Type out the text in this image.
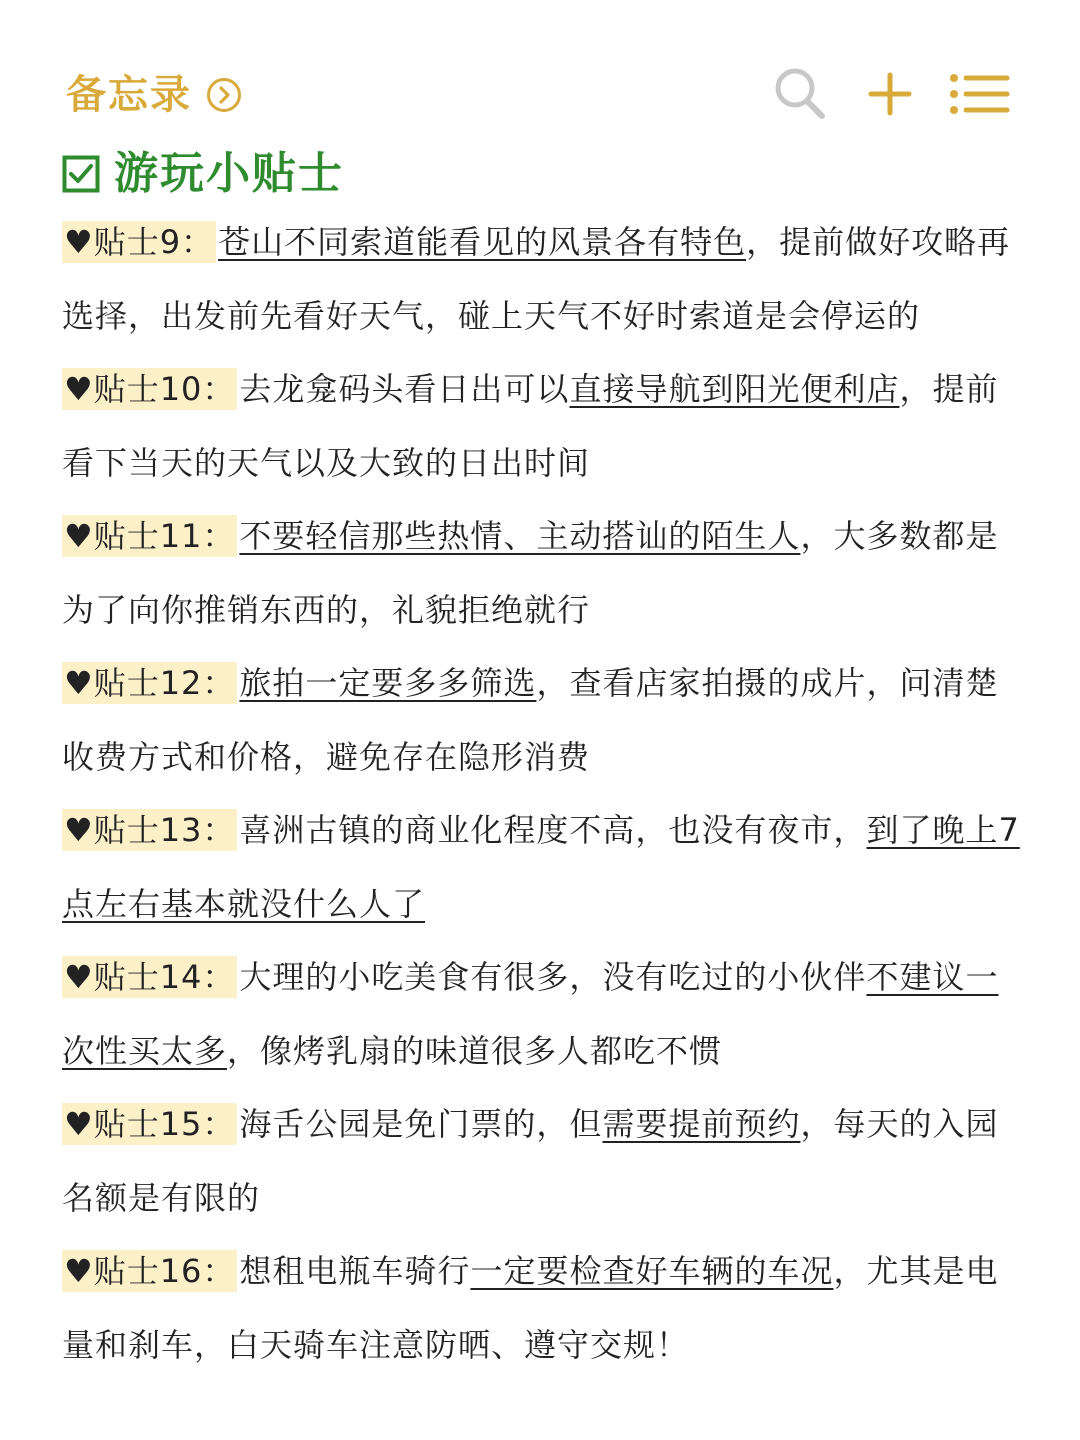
备忘录
游玩小贴士

♥贴士9： 苍山不同索道能看见的风景各有特色，提前做好攻略再选择，出发前先看好天气，碰上天气不好时索道是会停运的

♥贴士10： 去龙龛码头看日出可以直接导航到阳光便利店，提前看下当天的天气以及大致的日出时间

♥贴士11： 不要轻信那些热情、主动搭讪的陌生人，大多数都是为了向你推销东西的，礼貌拒绝就行

♥贴士12： 旅拍一定要多多筛选，查看店家拍摄的成片，问清楚收费方式和价格，避免存在隐形消费

♥贴士13： 喜洲古镇的商业化程度不高，也没有夜市，到了晚上7点左右基本就没什么人了

♥贴士14： 大理的小吃美食有很多，没有吃过的小伙伴不建议一次性买太多，像烤乳扇的味道很多人都吃不惯

♥贴士15： 海舌公园是免门票的，但需要提前预约，每天的入园名额是有限的

♥贴士16： 想租电瓶车骑行一定要检查好车辆的车况，尤其是电量和刹车，白天骑车注意防晒、遵守交规！
